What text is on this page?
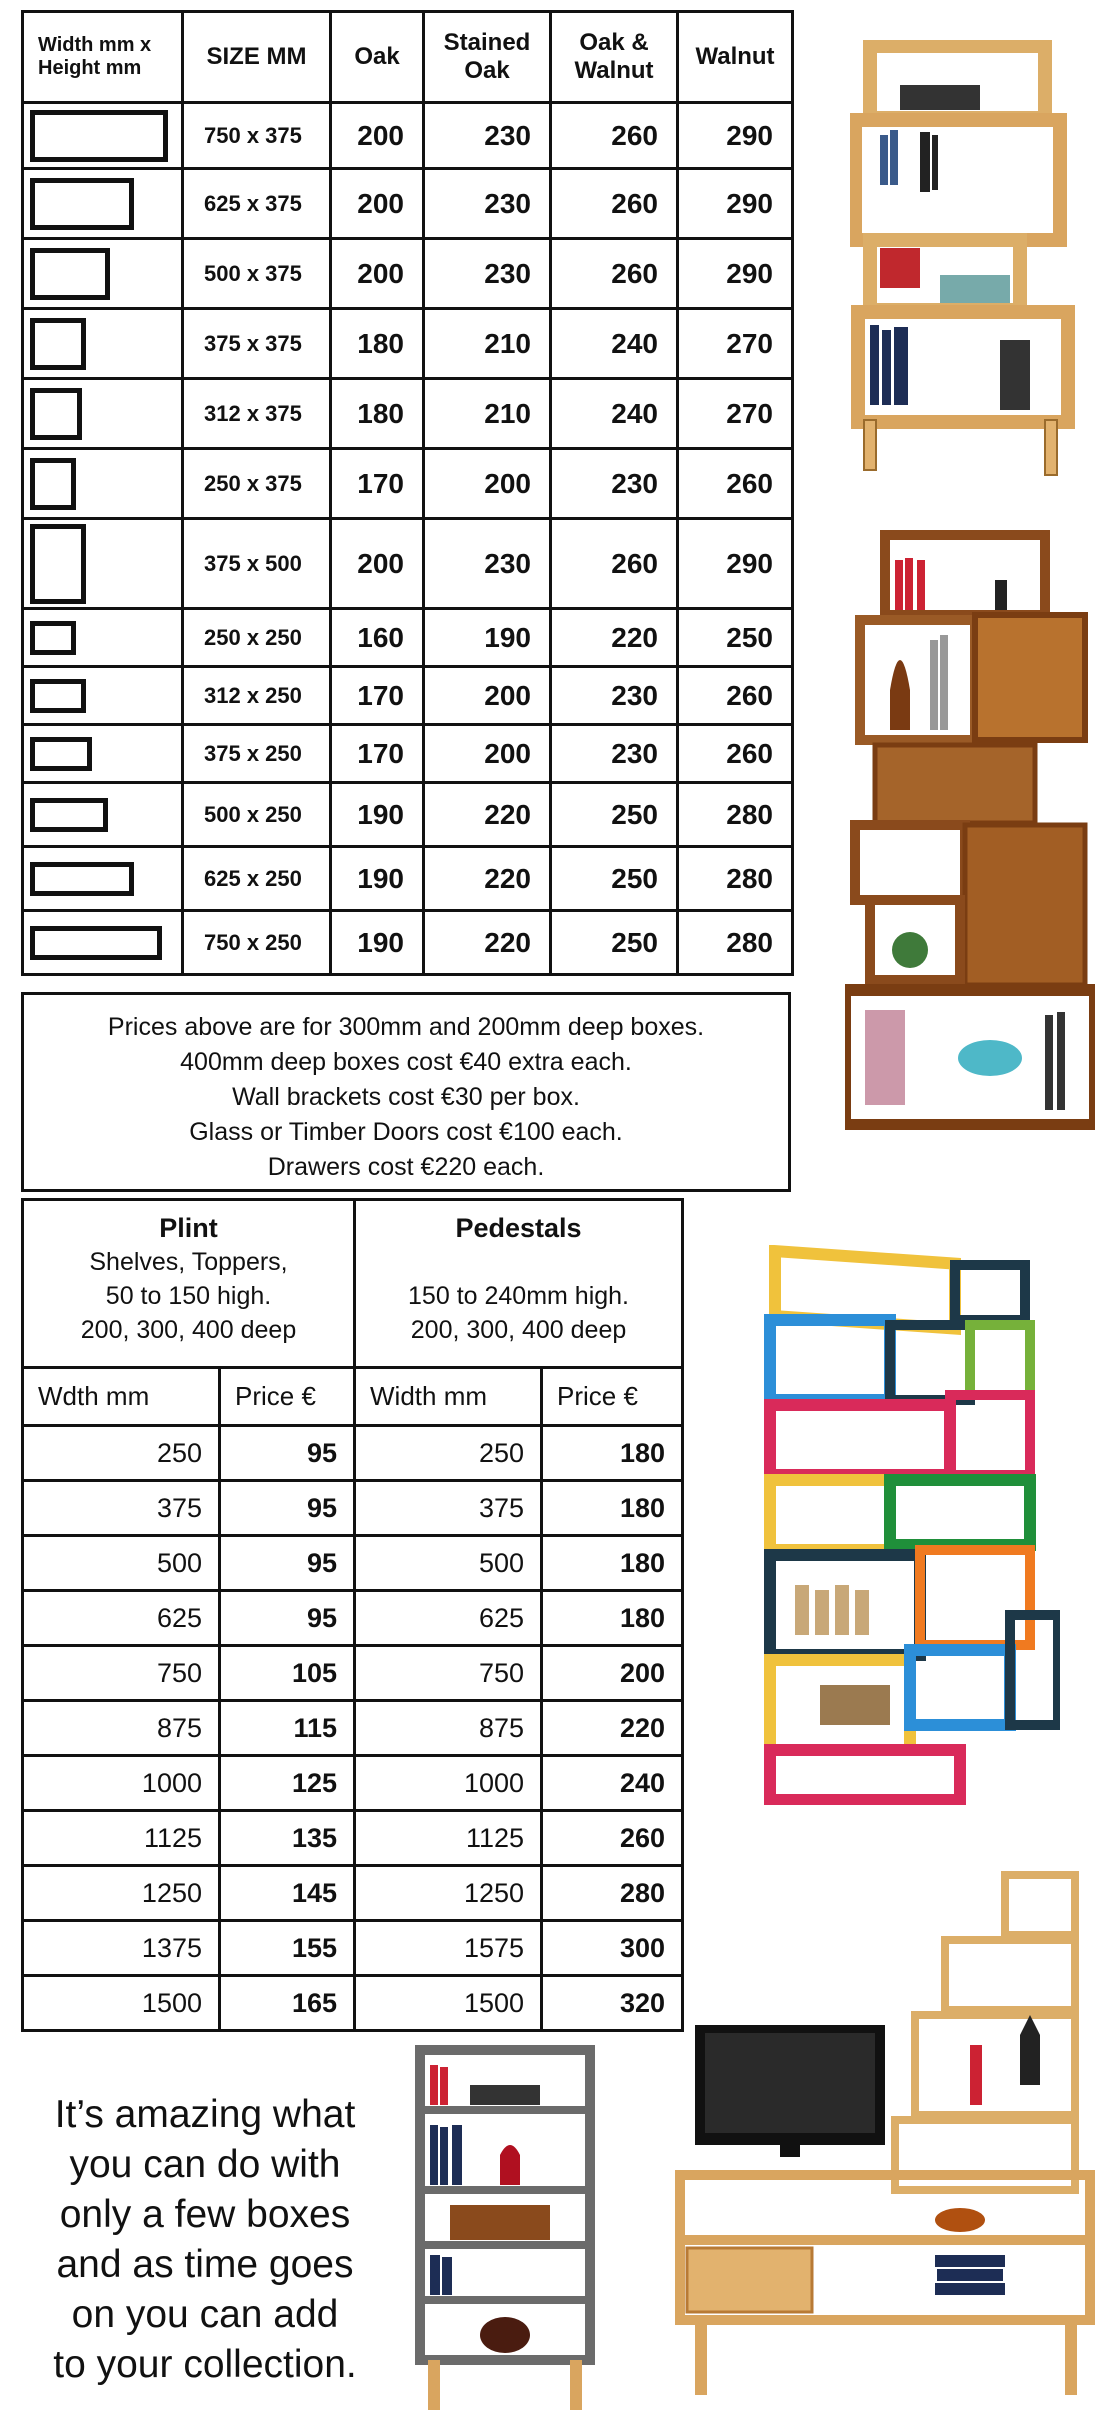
Width mm x Height mm	SIZE MM	Oak	Stained Oak	Oak & Walnut	Walnut

	750 x 375	200	230	260	290

	625 x 375	200	230	260	290

	500 x 375	200	230	260	290

	375 x 375	180	210	240	270

	312 x 375	180	210	240	270

	250 x 375	170	200	230	260

	375 x 500	200	230	260	290

	250 x 250	160	190	220	250

	312 x 250	170	200	230	260

	375 x 250	170	200	230	260

	500 x 250	190	220	250	280

	625 x 250	190	220	250	280

	750 x 250	190	220	250	280
Prices above are for 300mm and 200mm deep boxes.
400mm deep boxes cost €40 extra each.
Wall brackets cost €30 per box.
Glass or Timber Doors cost €100 each.
Drawers cost €220 each.
Plint
Shelves, Toppers,
50 to 150 high.
200, 300, 400 deep		Pedestals

150 to 240mm high.
200, 300, 400 deep	
Wdth mm	Price €	Width mm	Price €
250	95	250	180
375	95	375	180
500	95	500	180
625	95	625	180
750	105	750	200
875	115	875	220
1000	125	1000	240
1125	135	1125	260
1250	145	1250	280
1375	155	1575	300
1500	165	1500	320
It’s amazing what
you can do with
only a few boxes
and as time goes
on you can add
to your collection.
